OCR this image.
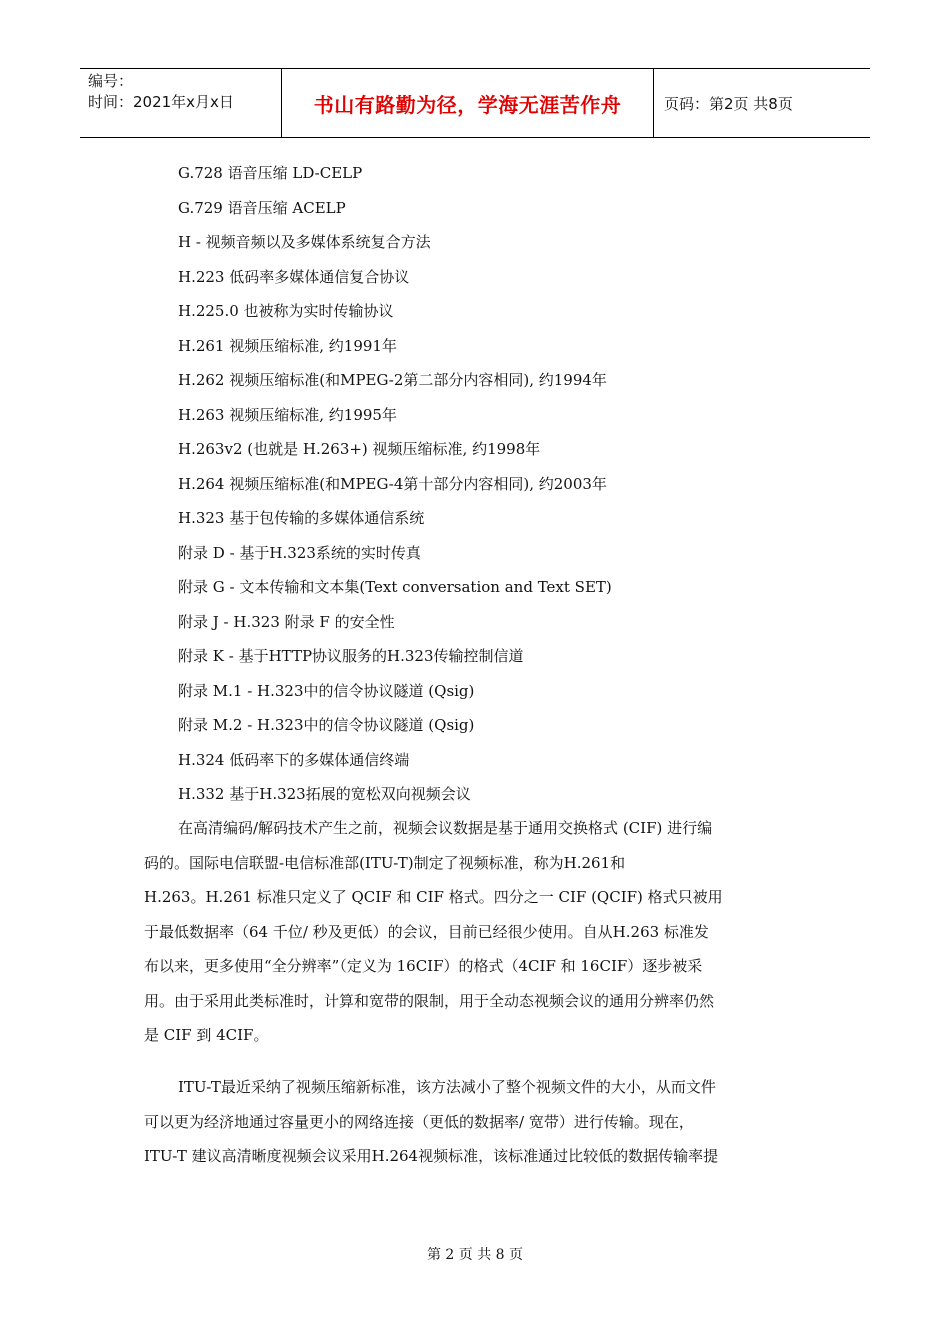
编号：
时间：2021年x月x日	书山有路勤为径，学海无涯苦作舟	页码：第2页 共8页
G.728 语音压缩 LD-CELP
G.729 语音压缩 ACELP
H - 视频音频以及多媒体系统复合方法
H.223 低码率多媒体通信复合协议
H.225.0 也被称为实时传输协议
H.261 视频压缩标准, 约1991年
H.262 视频压缩标准(和MPEG-2第二部分内容相同), 约1994年
H.263 视频压缩标准, 约1995年
H.263v2 (也就是 H.263+) 视频压缩标准, 约1998年
H.264 视频压缩标准(和MPEG-4第十部分内容相同), 约2003年
H.323 基于包传输的多媒体通信系统
附录 D - 基于H.323系统的实时传真
附录 G - 文本传输和文本集(Text conversation and Text SET)
附录 J - H.323 附录 F 的安全性
附录 K - 基于HTTP协议服务的H.323传输控制信道
附录 M.1 - H.323中的信令协议隧道 (Qsig)
附录 M.2 - H.323中的信令协议隧道 (Qsig)
H.324 低码率下的多媒体通信终端
H.332 基于H.323拓展的宽松双向视频会议

在高清编码/解码技术产生之前，视频会议数据是基于通用交换格式 (CIF) 进行编

码的。国际电信联盟-电信标准部(ITU-T)制定了视频标准，称为H.261和

H.263。H.261 标准只定义了 QCIF 和 CIF 格式。四分之一 CIF (QCIF) 格式只被用

于最低数据率（64 千位/ 秒及更低）的会议，目前已经很少使用。自从H.263 标准发

布以来，更多使用“全分辨率”（定义为 16CIF）的格式（4CIF 和 16CIF）逐步被采

用。由于采用此类标准时，计算和宽带的限制，用于全动态视频会议的通用分辨率仍然

是 CIF 到 4CIF。

ITU-T最近采纳了视频压缩新标准，该方法减小了整个视频文件的大小，从而文件

可以更为经济地通过容量更小的网络连接（更低的数据率/ 宽带）进行传输。现在，

ITU-T 建议高清晰度视频会议采用H.264视频标准，该标准通过比较低的数据传输率提

第 2 页 共 8 页
